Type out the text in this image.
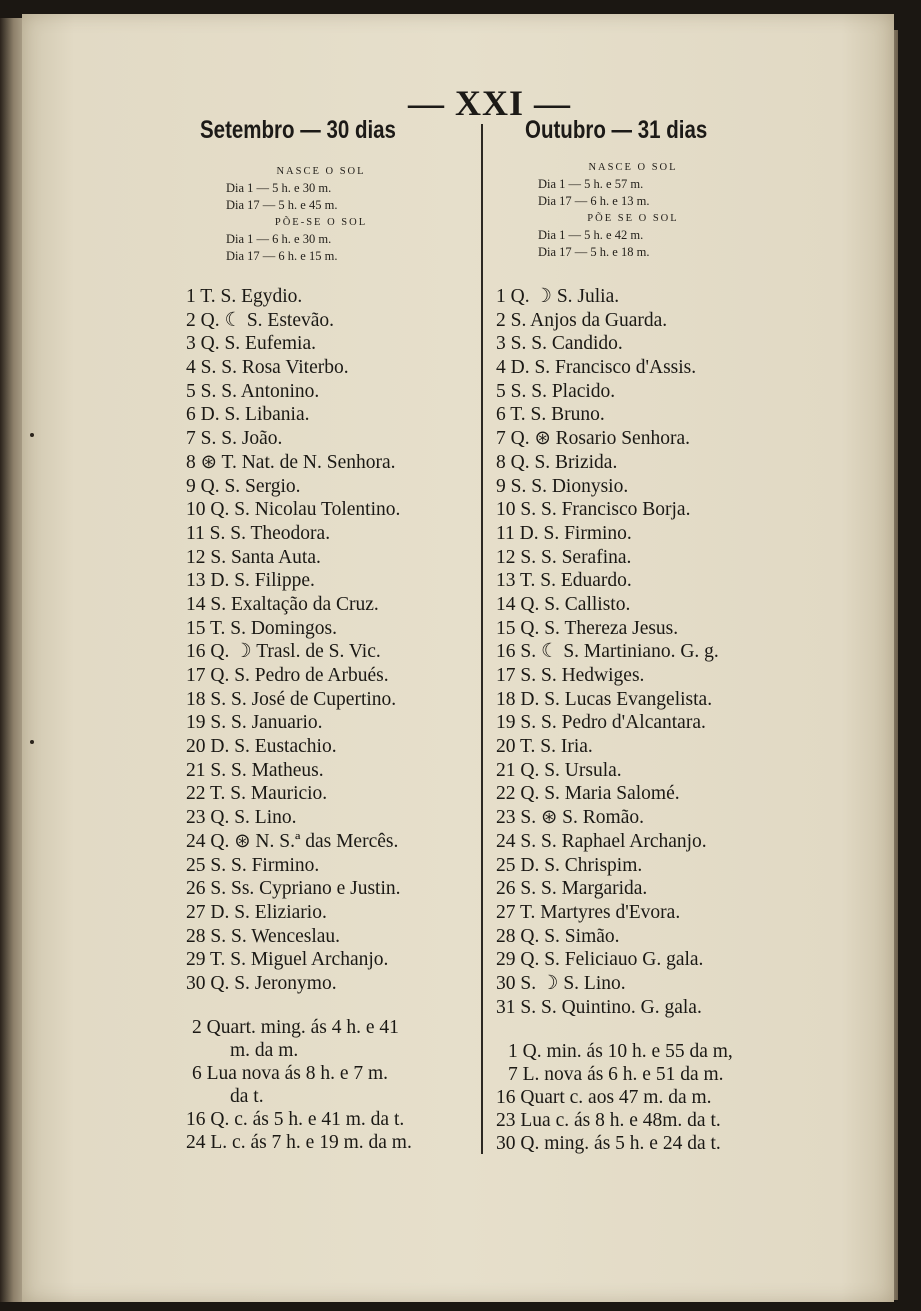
— XXI —
Setembro — 30 dias	Outubro — 31 dias
NASCE O SOL
Dia 1 — 5 h. e 30 m.
Dia 17 — 5 h. e 45 m.
PÕE-SE O SOL
Dia 1 — 6 h. e 30 m.
Dia 17 — 6 h. e 15 m.
NASCE O SOL
Dia 1 — 5 h. e 57 m.
Dia 17 — 6 h. e 13 m.
PÕE SE O SOL
Dia 1 — 5 h. e 42 m.
Dia 17 — 5 h. e 18 m.
1 T. S. Egydio.
2 Q. ☾ S. Estevão.
3 Q. S. Eufemia.
4 S. S. Rosa Viterbo.
5 S. S. Antonino.
6 D. S. Libania.
7 S. S. João.
8 ⊛ T. Nat. de N. Senhora.
9 Q. S. Sergio.
10 Q. S. Nicolau Tolentino.
11 S. S. Theodora.
12 S. Santa Auta.
13 D. S. Filippe.
14 S. Exaltação da Cruz.
15 T. S. Domingos.
16 Q. ☽ Trasl. de S. Vic.
17 Q. S. Pedro de Arbués.
18 S. S. José de Cupertino.
19 S. S. Januario.
20 D. S. Eustachio.
21 S. S. Matheus.
22 T. S. Mauricio.
23 Q. S. Lino.
24 Q. ⊛ N. S.ª das Mercês.
25 S. S. Firmino.
26 S. Ss. Cypriano e Justin.
27 D. S. Eliziario.
28 S. S. Wenceslau.
29 T. S. Miguel Archanjo.
30 Q. S. Jeronymo.
1 Q. ☽ S. Julia.
2 S. Anjos da Guarda.
3 S. S. Candido.
4 D. S. Francisco d'Assis.
5 S. S. Placido.
6 T. S. Bruno.
7 Q. ⊛ Rosario Senhora.
8 Q. S. Brizida.
9 S. S. Dionysio.
10 S. S. Francisco Borja.
11 D. S. Firmino.
12 S. S. Serafina.
13 T. S. Eduardo.
14 Q. S. Callisto.
15 Q. S. Thereza Jesus.
16 S. ☾ S. Martiniano. G. g.
17 S. S. Hedwiges.
18 D. S. Lucas Evangelista.
19 S. S. Pedro d'Alcantara.
20 T. S. Iria.
21 Q. S. Ursula.
22 Q. S. Maria Salomé.
23 S. ⊛ S. Romão.
24 S. S. Raphael Archanjo.
25 D. S. Chrispim.
26 S. S. Margarida.
27 T. Martyres d'Evora.
28 Q. S. Simão.
29 Q. S. Feliciauo G. gala.
30 S. ☽ S. Lino.
31 S. S. Quintino. G. gala.
2 Quart. ming. ás 4 h. e 41
m. da m.
6 Lua nova ás 8 h. e 7 m.
da t.
16 Q. c. ás 5 h. e 41 m. da t.
24 L. c. ás 7 h. e 19 m. da m.
1 Q. min. ás 10 h. e 55 da m,
7 L. nova ás 6 h. e 51 da m.
16 Quart c. aos 47 m. da m.
23 Lua c. ás 8 h. e 48m. da t.
30 Q. ming. ás 5 h. e 24 da t.
